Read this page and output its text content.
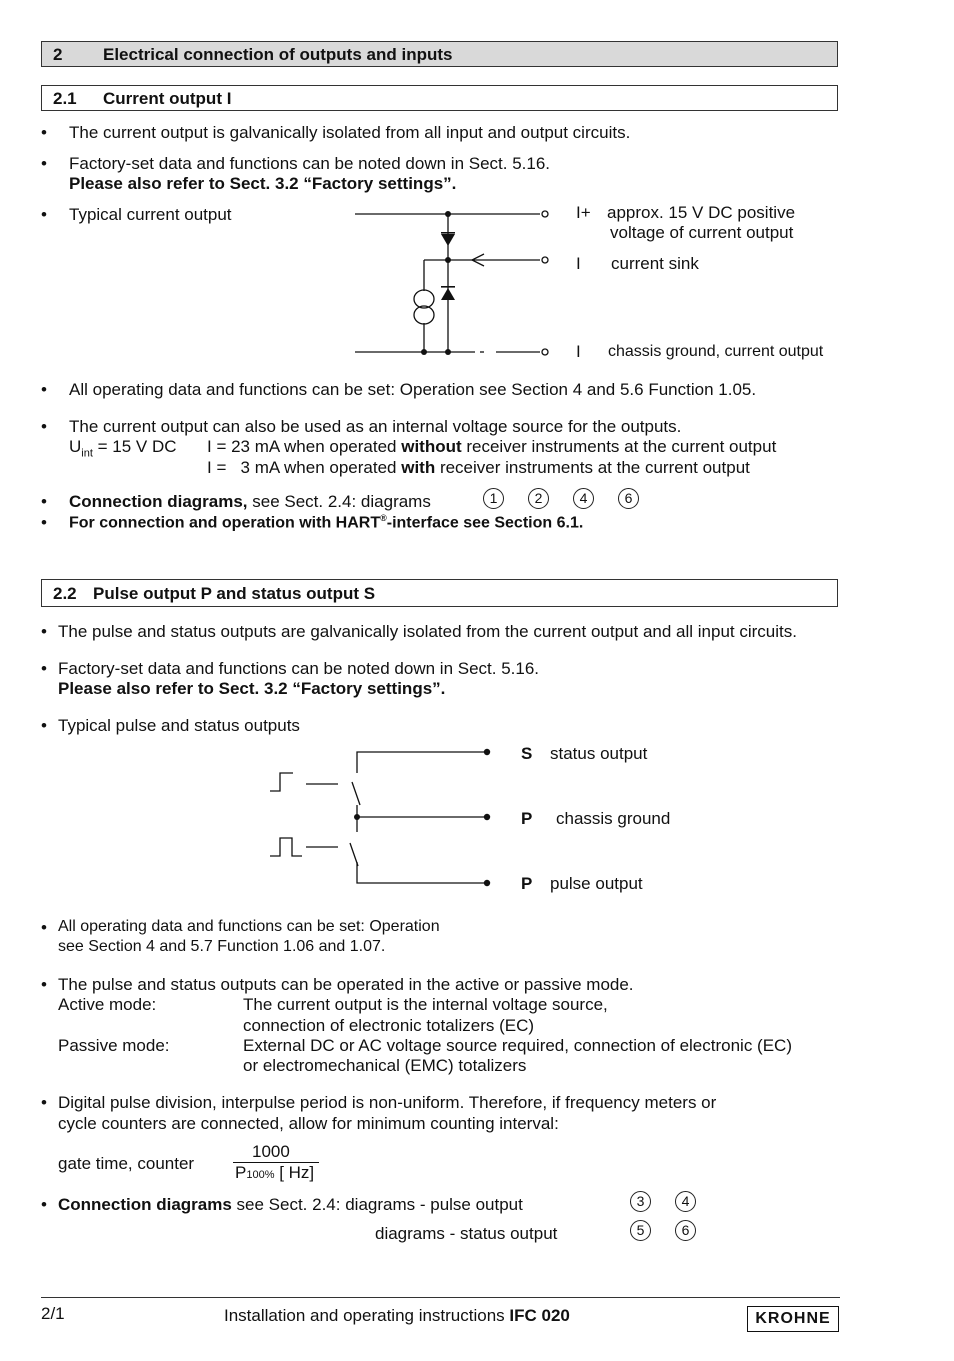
2 Electrical connection of outputs and inputs
2.1 Current output I
• The current output is galvanically isolated from all input and output circuits.
• Factory-set data and functions can be noted down in Sect. 5.16.
Please also refer to Sect. 3.2 “Factory settings”.
• Typical current output	I+ approx. 15 V DC positive
voltage of current output
I current sink
I chassis ground, current output
• All operating data and functions can be set: Operation see Section 4 and 5.6 Function 1.05.
• The current output can also be used as an internal voltage source for the outputs.
$U_{int} = 15$ V DC I = 23 mA when operated without receiver instruments at the current output
I =   3 mA when operated with receiver instruments at the current output
• Connection diagrams, see Sect. 2.4: diagrams	1	2	4	6
• For connection and operation with HART®-interface see Section 6.1.
2.2 Pulse output P and status output S
• The pulse and status outputs are galvanically isolated from the current output and all input circuits.
• Factory-set data and functions can be noted down in Sect. 5.16.
Please also refer to Sect. 3.2 “Factory settings”.
• Typical pulse and status outputs
S status output
P chassis ground
P pulse output
• All operating data and functions can be set: Operation
see Section 4 and 5.7 Function 1.06 and 1.07.
• The pulse and status outputs can be operated in the active or passive mode.
Active mode:	The current output is the internal voltage source,
connection of electronic totalizers (EC)
Passive mode:	External DC or AC voltage source required, connection of electronic (EC)
or electromechanical (EMC) totalizers
• Digital pulse division, interpulse period is non-uniform. Therefore, if frequency meters or
cycle counters are connected, allow for minimum counting interval:
gate time, counter
1000
P100% [ Hz]
• Connection diagrams see Sect. 2.4: diagrams - pulse output	3	4
diagrams - status output	5	6
2/1	Installation and operating instructions IFC 020	KROHNE
